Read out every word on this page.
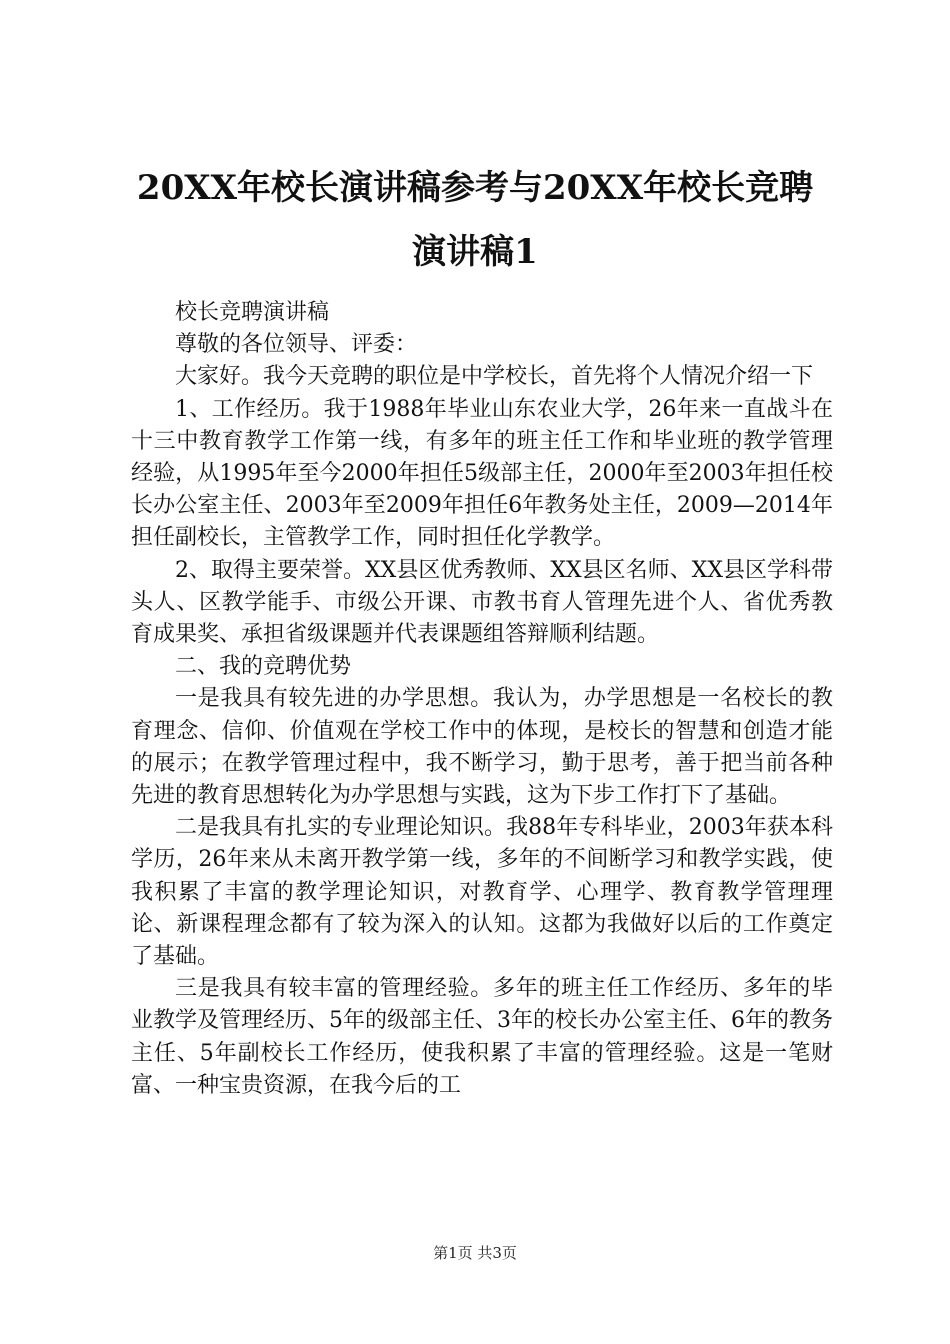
20XX年校长演讲稿参考与20XX年校长竞聘演讲稿1

校长竞聘演讲稿

尊敬的各位领导、评委：

大家好。我今天竞聘的职位是中学校长，首先将个人情况介绍一下

1、工作经历。我于1988年毕业山东农业大学，26年来一直战斗在十三中教育教学工作第一线，有多年的班主任工作和毕业班的教学管理经验，从1995年至今2000年担任5级部主任，2000年至2003年担任校长办公室主任、2003年至2009年担任6年教务处主任，2009—2014年担任副校长，主管教学工作，同时担任化学教学。

2、取得主要荣誉。XX县区优秀教师、XX县区名师、XX县区学科带头人、区教学能手、市级公开课、市教书育人管理先进个人、省优秀教育成果奖、承担省级课题并代表课题组答辩顺利结题。

二、我的竞聘优势

一是我具有较先进的办学思想。我认为，办学思想是一名校长的教育理念、信仰、价值观在学校工作中的体现，是校长的智慧和创造才能的展示；在教学管理过程中，我不断学习，勤于思考，善于把当前各种先进的教育思想转化为办学思想与实践，这为下步工作打下了基础。

二是我具有扎实的专业理论知识。我88年专科毕业，2003年获本科学历，26年来从未离开教学第一线，多年的不间断学习和教学实践，使我积累了丰富的教学理论知识，对教育学、心理学、教育教学管理理论、新课程理念都有了较为深入的认知。这都为我做好以后的工作奠定了基础。

三是我具有较丰富的管理经验。多年的班主任工作经历、多年的毕业教学及管理经历、5年的级部主任、3年的校长办公室主任、6年的教务主任、5年副校长工作经历，使我积累了丰富的管理经验。这是一笔财富、一种宝贵资源，在我今后的工

第1页 共3页
